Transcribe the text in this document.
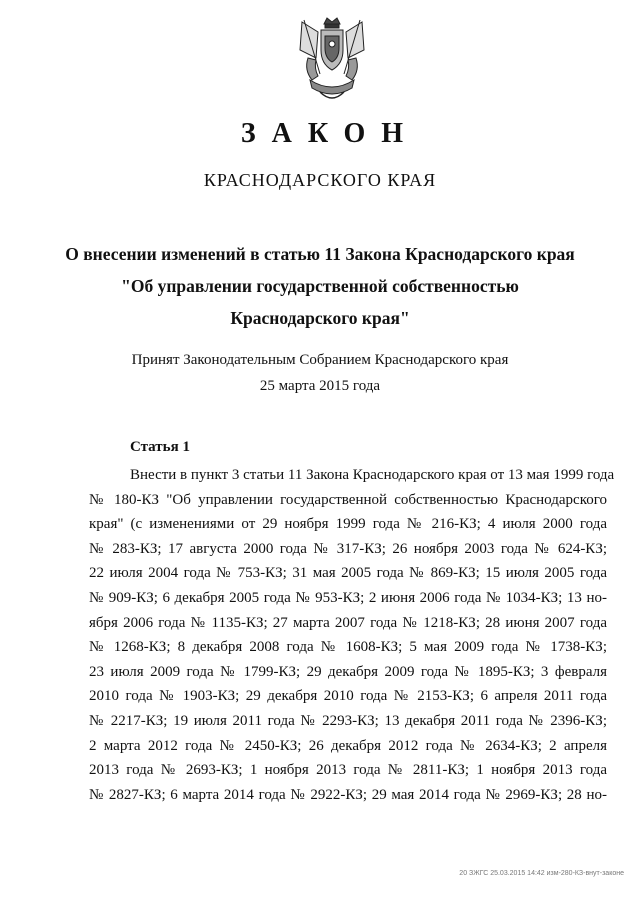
ЗАКОН
КРАСНОДАРСКОГО КРАЯ
О внесении изменений в статью 11 Закона Краснодарского края
"Об управлении государственной собственностью
Краснодарского края"
Принят Законодательным Собранием Краснодарского края
25 марта 2015 года
Статья 1
Внести в пункт 3 статьи 11 Закона Краснодарского края от 13 мая 1999 года
№ 180-КЗ "Об управлении государственной собственностью Краснодарского
края" (с изменениями от 29 ноября 1999 года № 216-КЗ; 4 июля 2000 года
№ 283-КЗ; 17 августа 2000 года № 317-КЗ; 26 ноября 2003 года № 624-КЗ;
22 июля 2004 года № 753-КЗ; 31 мая 2005 года № 869-КЗ; 15 июля 2005 года
№ 909-КЗ; 6 декабря 2005 года № 953-КЗ; 2 июня 2006 года № 1034-КЗ; 13 но-
ября 2006 года № 1135-КЗ; 27 марта 2007 года № 1218-КЗ; 28 июня 2007 года
№ 1268-КЗ; 8 декабря 2008 года № 1608-КЗ; 5 мая 2009 года № 1738-КЗ;
23 июля 2009 года № 1799-КЗ; 29 декабря 2009 года № 1895-КЗ; 3 февраля
2010 года № 1903-КЗ; 29 декабря 2010 года № 2153-КЗ; 6 апреля 2011 года
№ 2217-КЗ; 19 июля 2011 года № 2293-КЗ; 13 декабря 2011 года № 2396-КЗ;
2 марта 2012 года № 2450-КЗ; 26 декабря 2012 года № 2634-КЗ; 2 апреля
2013 года № 2693-КЗ; 1 ноября 2013 года № 2811-КЗ; 1 ноября 2013 года
№ 2827-КЗ; 6 марта 2014 года № 2922-КЗ; 29 мая 2014 года № 2969-КЗ; 28 но-
20 ЗЖГС 25.03.2015 14:42 изм-280-КЗ-внут-законе
